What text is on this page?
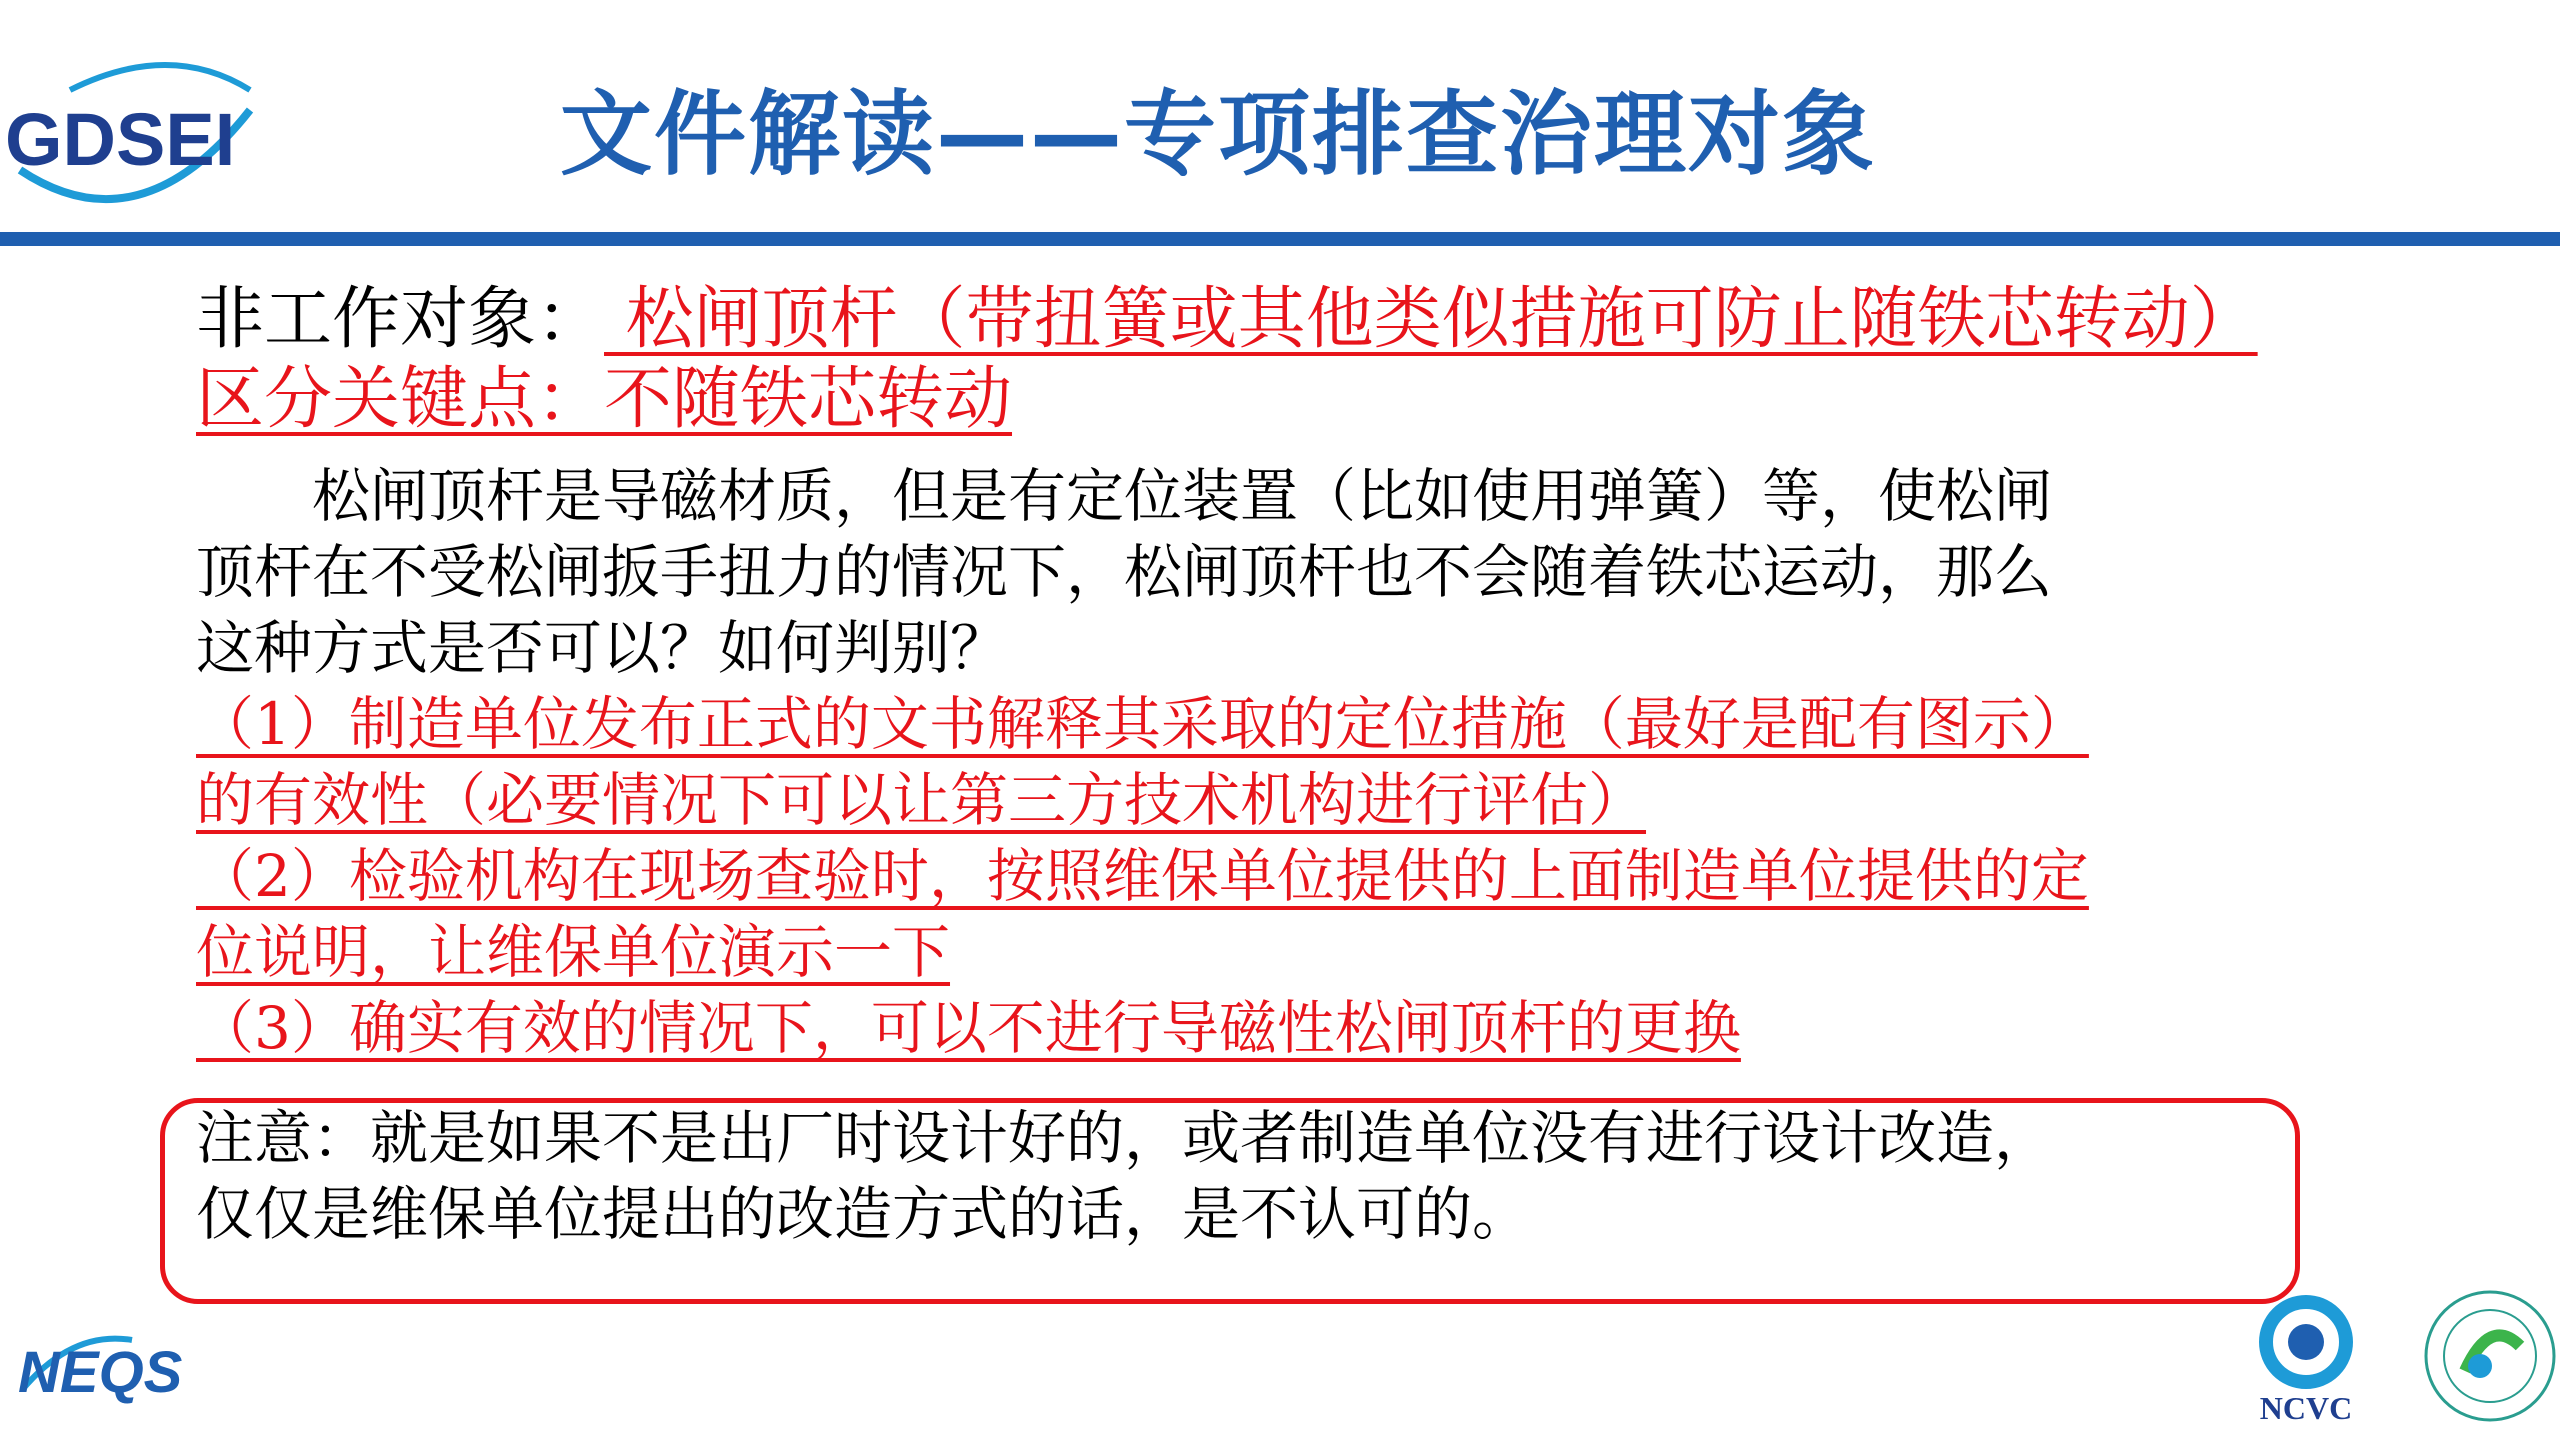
GDSEI	文件解读——专项排查治理对象
非工作对象： 松闸顶杆（带扭簧或其他类似措施可防止随铁芯转动）
区分关键点：不随铁芯转动
　　松闸顶杆是导磁材质，但是有定位装置（比如使用弹簧）等，使松闸
顶杆在不受松闸扳手扭力的情况下，松闸顶杆也不会随着铁芯运动，那么
这种方式是否可以？如何判别？
（1）制造单位发布正式的文书解释其采取的定位措施（最好是配有图示）
的有效性（必要情况下可以让第三方技术机构进行评估）
（2）检验机构在现场查验时，按照维保单位提供的上面制造单位提供的定
位说明，让维保单位演示一下
（3）确实有效的情况下，可以不进行导磁性松闸顶杆的更换
注意：就是如果不是出厂时设计好的，或者制造单位没有进行设计改造，
仅仅是维保单位提出的改造方式的话，是不认可的。
NEQS
NCVC
